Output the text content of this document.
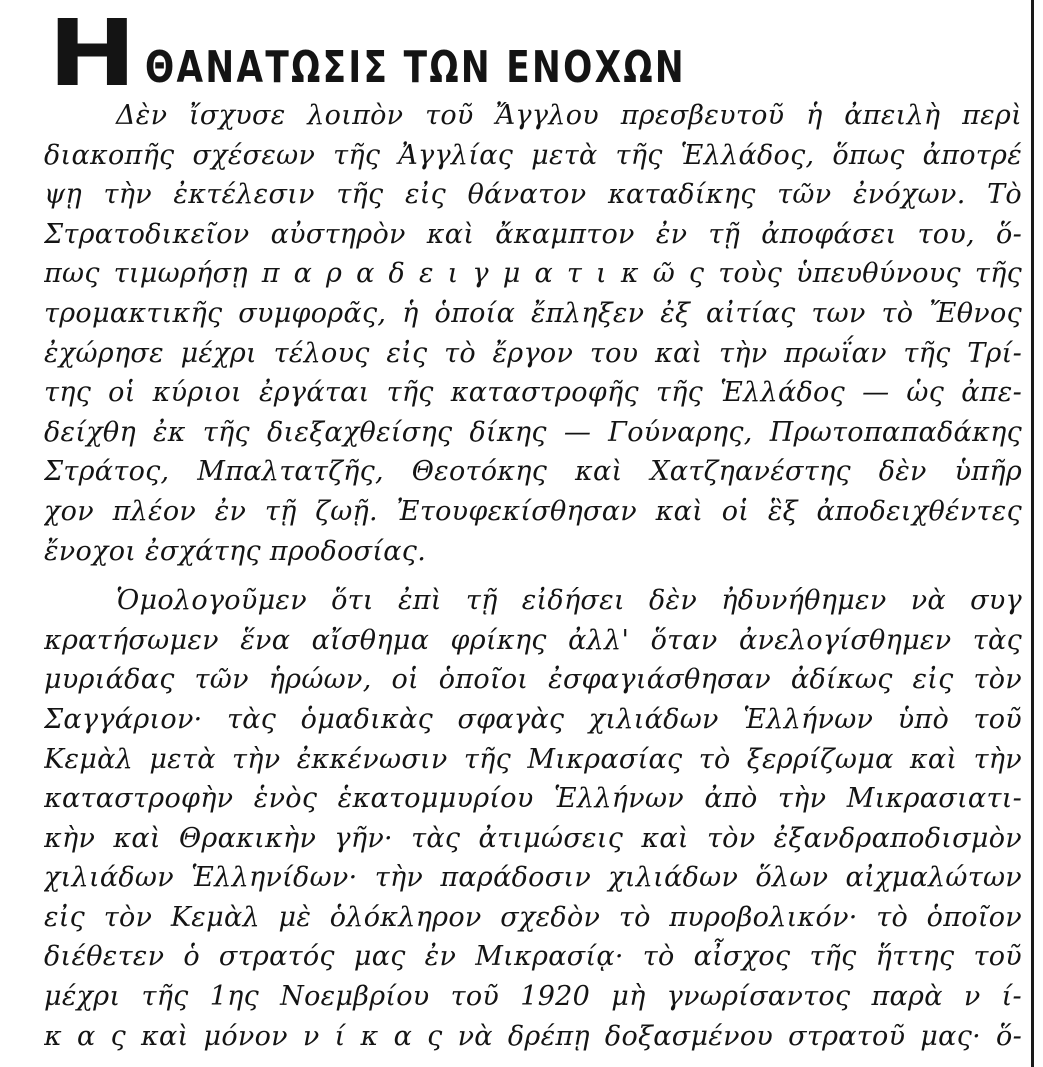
Η ΘΑΝΑΤΩΣΙΣ ΤΩΝ ΕΝΟΧΩΝ
Δὲν ἴσχυσε λοιπὸν τοῦ Ἄγγλου πρεσβευτοῦ ἡ ἀπειλὴ περὶ
διακοπῆς σχέσεων τῆς Ἀγγλίας μετὰ τῆς Ἑλλάδος, ὅπως ἀποτρέ
ψῃ τὴν ἐκτέλεσιν τῆς εἰς θάνατον καταδίκης τῶν ἐνόχων. Τὸ
Στρατοδικεῖον αὐστηρὸν καὶ ἄκαμπτον ἐν τῇ ἀποφάσει του, ὅ-
πως τιμωρήσῃ π α ρ α δ ε ι γ μ α τ ι κ ῶ ς τοὺς ὑπευθύνους τῆς
τρομακτικῆς συμφορᾶς, ἡ ὁποία ἔπληξεν ἐξ αἰτίας των τὸ Ἔθνος
ἐχώρησε μέχρι τέλους εἰς τὸ ἔργον του καὶ τὴν πρωΐαν τῆς Τρί-
της οἱ κύριοι ἐργάται τῆς καταστροφῆς τῆς Ἑλλάδος — ὡς ἀπε-
δείχθη ἐκ τῆς διεξαχθείσης δίκης — Γούναρης, Πρωτοπαπαδάκης
Στράτος, Μπαλτατζῆς, Θεοτόκης καὶ Χατζηανέστης δὲν ὑπῆρ
χον πλέον ἐν τῇ ζωῇ. Ἐτουφεκίσθησαν καὶ οἱ ἓξ ἀποδειχθέντες
ἔνοχοι ἐσχάτης προδοσίας.
Ὁμολογοῦμεν ὅτι ἐπὶ τῇ εἰδήσει δὲν ἠδυνήθημεν νὰ συγ
κρατήσωμεν ἕνα αἴσθημα φρίκης ἀλλ' ὅταν ἀνελογίσθημεν τὰς
μυριάδας τῶν ἡρώων, οἱ ὁποῖοι ἐσφαγιάσθησαν ἀδίκως εἰς τὸν
Σαγγάριον· τὰς ὁμαδικὰς σφαγὰς χιλιάδων Ἑλλήνων ὑπὸ τοῦ
Κεμὰλ μετὰ τὴν ἐκκένωσιν τῆς Μικρασίας τὸ ξερρίζωμα καὶ τὴν
καταστροφὴν ἑνὸς ἑκατομμυρίου Ἑλλήνων ἀπὸ τὴν Μικρασιατι-
κὴν καὶ Θρακικὴν γῆν· τὰς ἀτιμώσεις καὶ τὸν ἐξανδραποδισμὸν
χιλιάδων Ἑλληνίδων· τὴν παράδοσιν χιλιάδων ὅλων αἰχμαλώτων
εἰς τὸν Κεμὰλ μὲ ὁλόκληρον σχεδὸν τὸ πυροβολικόν· τὸ ὁποῖον
διέθετεν ὁ στρατός μας ἐν Μικρασίᾳ· τὸ αἶσχος τῆς ἥττης τοῦ
μέχρι τῆς 1ης Νοεμβρίου τοῦ 1920 μὴ γνωρίσαντος παρὰ ν ί-
κ α ς καὶ μόνον ν ί κ α ς νὰ δρέπῃ δοξασμένου στρατοῦ μας· ὅ-
